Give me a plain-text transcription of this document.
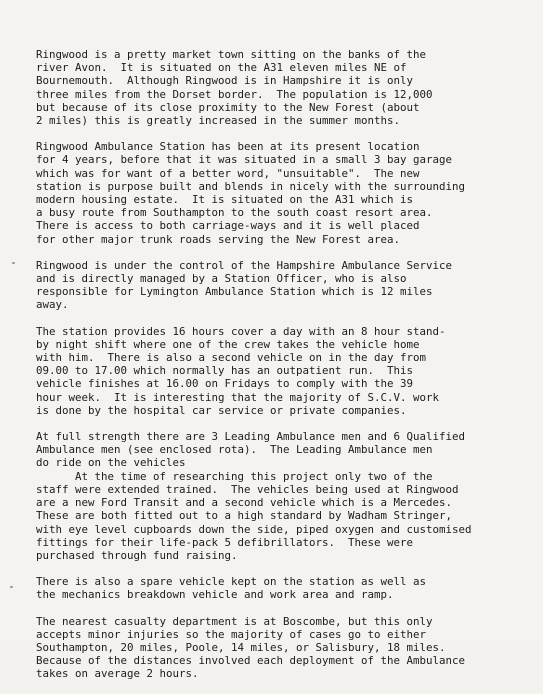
Ringwood is a pretty market town sitting on the banks of the
river Avon.  It is situated on the A31 eleven miles NE of
Bournemouth.  Although Ringwood is in Hampshire it is only
three miles from the Dorset border.  The population is 12,000
but because of its close proximity to the New Forest (about
2 miles) this is greatly increased in the summer months.
Ringwood Ambulance Station has been at its present location
for 4 years, before that it was situated in a small 3 bay garage
which was for want of a better word, "unsuitable".  The new
station is purpose built and blends in nicely with the surrounding
modern housing estate.  It is situated on the A31 which is
a busy route from Southampton to the south coast resort area.
There is access to both carriage-ways and it is well placed
for other major trunk roads serving the New Forest area.
Ringwood is under the control of the Hampshire Ambulance Service
and is directly managed by a Station Officer, who is also
responsible for Lymington Ambulance Station which is 12 miles
away.
The station provides 16 hours cover a day with an 8 hour stand-
by night shift where one of the crew takes the vehicle home
with him.  There is also a second vehicle on in the day from
09.00 to 17.00 which normally has an outpatient run.  This
vehicle finishes at 16.00 on Fridays to comply with the 39
hour week.  It is interesting that the majority of S.C.V. work
is done by the hospital car service or private companies.
At full strength there are 3 Leading Ambulance men and 6 Qualified
Ambulance men (see enclosed rota).  The Leading Ambulance men
do ride on the vehicles
At the time of researching this project only two of the
staff were extended trained.  The vehicles being used at Ringwood
are a new Ford Transit and a second vehicle which is a Mercedes.
These are both fitted out to a high standard by Wadham Stringer,
with eye level cupboards down the side, piped oxygen and customised
fittings for their life-pack 5 defibrillators.  These were
purchased through fund raising.
There is also a spare vehicle kept on the station as well as
the mechanics breakdown vehicle and work area and ramp.
The nearest casualty department is at Boscombe, but this only
accepts minor injuries so the majority of cases go to either
Southampton, 20 miles, Poole, 14 miles, or Salisbury, 18 miles.
Because of the distances involved each deployment of the Ambulance
takes on average 2 hours.
